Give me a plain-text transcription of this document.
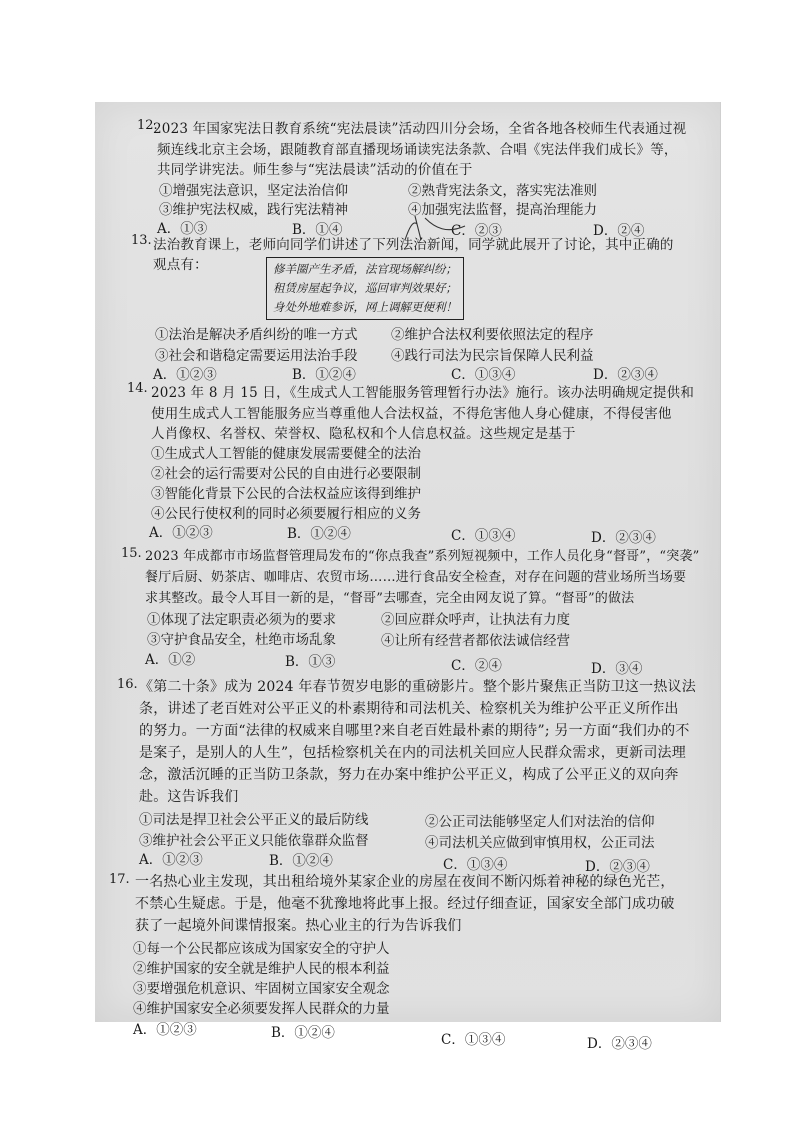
12.
2023 年国家宪法日教育系统“宪法晨读”活动四川分会场，全省各地各校师生代表通过视
频连线北京主会场，跟随教育部直播现场诵读宪法条款、合唱《宪法伴我们成长》等，
共同学讲宪法。师生参与“宪法晨读”活动的价值在于
①增强宪法意识，坚定法治信仰	②熟背宪法条文，落实宪法准则
③维护宪法权威，践行宪法精神	④加强宪法监督，提高治理能力
A．①③	B．①④	C．②③	D．②④
13. 法治教育课上，老师向同学们讲述了下列法治新闻，同学就此展开了讨论，其中正确的
观点有：	修羊圈产生矛盾，法官现场解纠纷；
租赁房屋起争议，巡回审判效果好；
身处外地难参诉，网上调解更便利！
①法治是解决矛盾纠纷的唯一方式 ②维护合法权利要依照法定的程序
③社会和谐稳定需要运用法治手段 ④践行司法为民宗旨保障人民利益
A．①②③	B．①②④	C．①③④	D．②③④
14. 2023 年 8 月 15 日，《生成式人工智能服务管理暂行办法》施行。该办法明确规定提供和
使用生成式人工智能服务应当尊重他人合法权益，不得危害他人身心健康，不得侵害他
人肖像权、名誉权、荣誉权、隐私权和个人信息权益。这些规定是基于
①生成式人工智能的健康发展需要健全的法治
②社会的运行需要对公民的自由进行必要限制
③智能化背景下公民的合法权益应该得到维护
④公民行使权利的同时必须要履行相应的义务
A．①②③	B．①②④	C．①③④	D．②③④
15. 2023 年成都市市场监督管理局发布的“你点我查”系列短视频中，工作人员化身“督哥”，“突袭”
餐厅后厨、奶茶店、咖啡店、农贸市场……进行食品安全检查，对存在问题的营业场所当场要
求其整改。最令人耳目一新的是，“督哥”去哪查，完全由网友说了算。“督哥”的做法
①体现了法定职责必须为的要求	②回应群众呼声，让执法有力度
③守护食品安全，杜绝市场乱象	④让所有经营者都依法诚信经营
A．①②	B．①③	C．②④	D．③④
16. 《第二十条》成为 2024 年春节贺岁电影的重磅影片。整个影片聚焦正当防卫这一热议法
条，讲述了老百姓对公平正义的朴素期待和司法机关、检察机关为维护公平正义所作出
的努力。一方面“法律的权威来自哪里?来自老百姓最朴素的期待”; 另一方面“我们办的不
是案子，是别人的人生”，包括检察机关在内的司法机关回应人民群众需求，更新司法理
念，激活沉睡的正当防卫条款，努力在办案中维护公平正义，构成了公平正义的双向奔
赴。这告诉我们
①司法是捍卫社会公平正义的最后防线	②公正司法能够坚定人们对法治的信仰
③维护社会公平正义只能依靠群众监督	④司法机关应做到审慎用权，公正司法
A．①②③	B．①②④	C．①③④	D．②③④
17. 一名热心业主发现，其出租给境外某家企业的房屋在夜间不断闪烁着神秘的绿色光芒，
不禁心生疑虑。于是，他毫不犹豫地将此事上报。经过仔细查证，国家安全部门成功破
获了一起境外间谍情报案。热心业主的行为告诉我们
①每一个公民都应该成为国家安全的守护人
②维护国家的安全就是维护人民的根本利益
③要增强危机意识、牢固树立国家安全观念
④维护国家安全必须要发挥人民群众的力量
A．①②③	B．①②④	C．①③④	D．②③④
